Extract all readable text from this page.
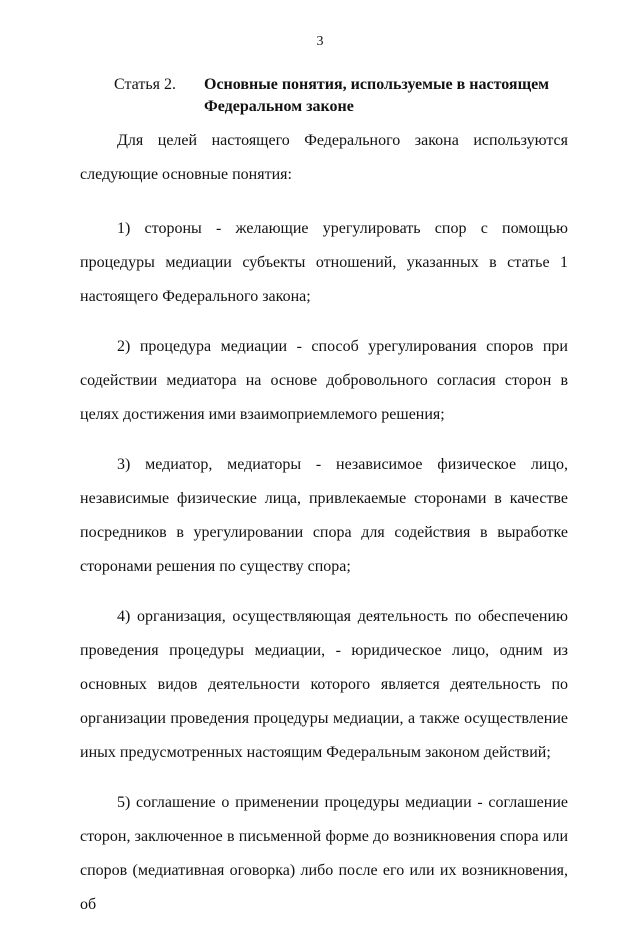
3
Статья 2. Основные понятия, используемые в настоящем Федеральном законе

Для целей настоящего Федерального закона используются следующие основные понятия:

1) стороны - желающие урегулировать спор с помощью процедуры медиации субъекты отношений, указанных в статье 1 настоящего Федерального закона;

2) процедура медиации - способ урегулирования споров при содействии медиатора на основе добровольного согласия сторон в целях достижения ими взаимоприемлемого решения;

3) медиатор, медиаторы - независимое физическое лицо, независимые физические лица, привлекаемые сторонами в качестве посредников в урегулировании спора для содействия в выработке сторонами решения по существу спора;

4) организация, осуществляющая деятельность по обеспечению проведения процедуры медиации, - юридическое лицо, одним из основных видов деятельности которого является деятельность по организации проведения процедуры медиации, а также осуществление иных предусмотренных настоящим Федеральным законом действий;

5) соглашение о применении процедуры медиации - соглашение сторон, заключенное в письменной форме до возникновения спора или споров (медиативная оговорка) либо после его или их возникновения, об
